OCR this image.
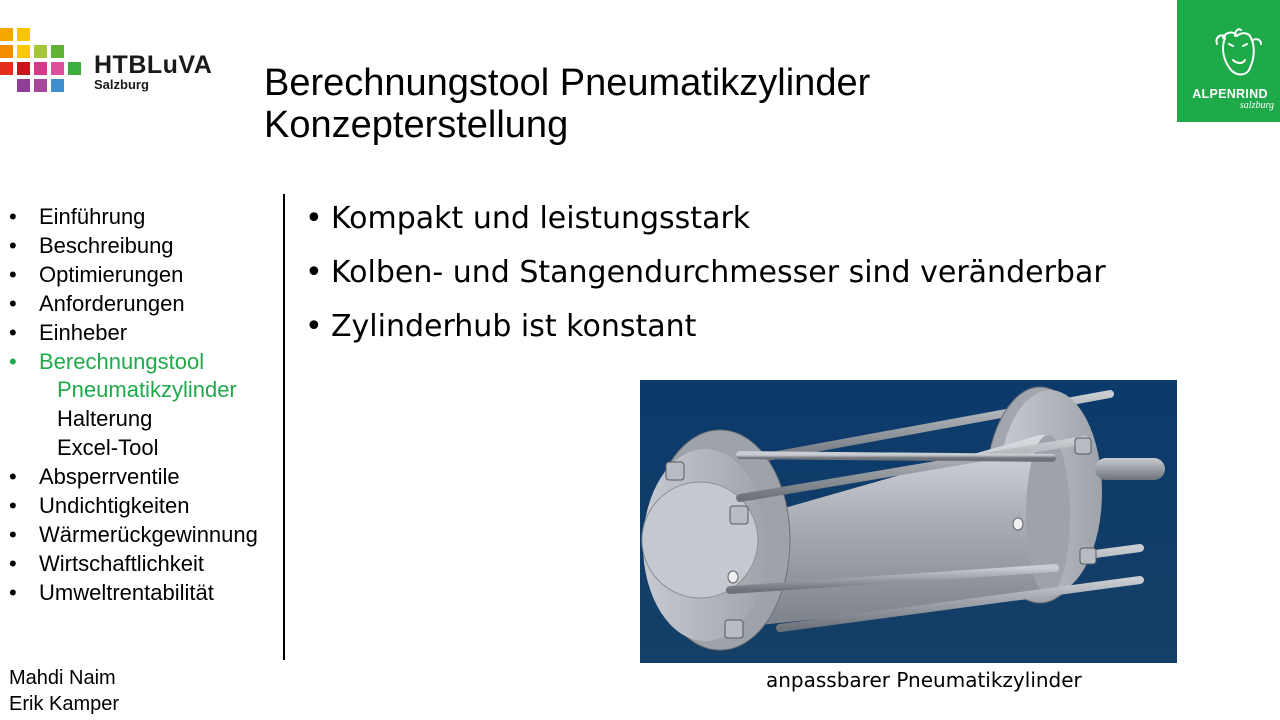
HTBLuVA
Salzburg
ALPENRIND
salzburg
Berechnungstool Pneumatikzylinder
Konzepterstellung
• Einführung
• Beschreibung
• Optimierungen
• Anforderungen
• Einheber
• Berechnungstool
Pneumatikzylinder
Halterung
Excel-Tool
• Absperrventile
• Undichtigkeiten
• Wärmerückgewinnung
• Wirtschaftlichkeit
• Umweltrentabilität
• Kompakt und leistungsstark
• Kolben- und Stangendurchmesser sind veränderbar
• Zylinderhub ist konstant
anpassbarer Pneumatikzylinder
Mahdi Naim
Erik Kamper
